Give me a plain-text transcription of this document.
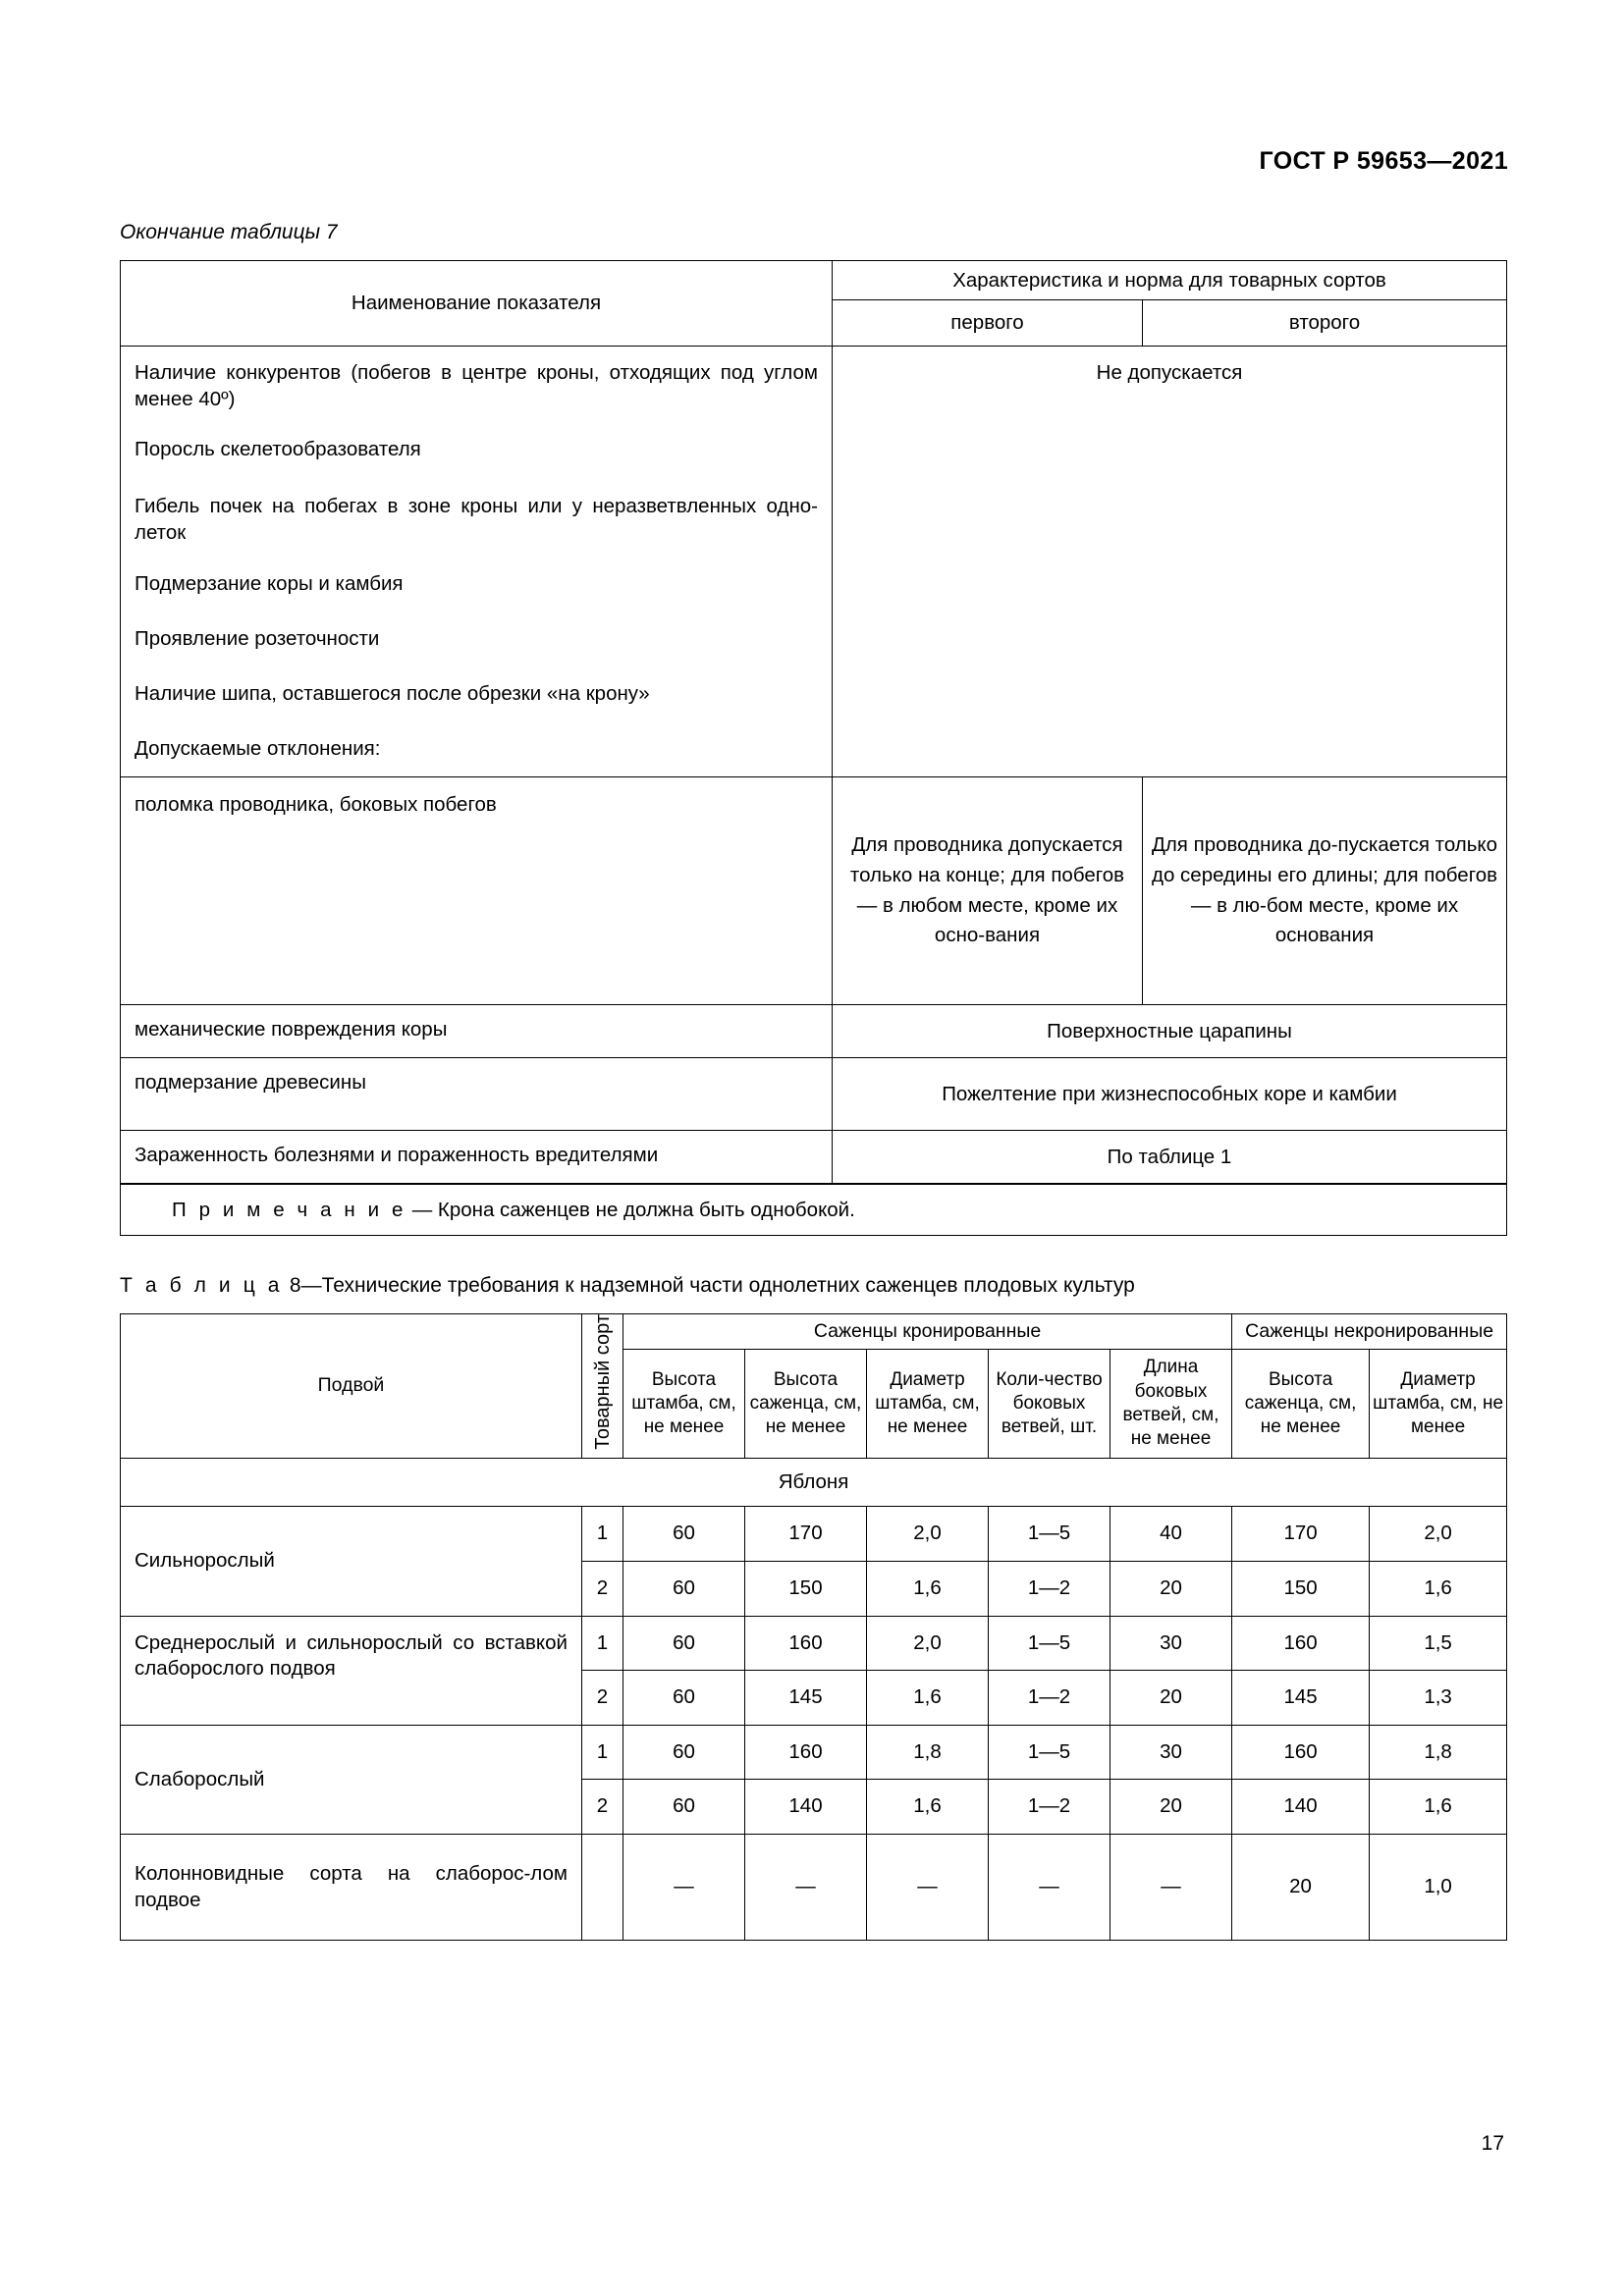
ГОСТ Р 59653—2021
Окончание таблицы 7
Наименование показателя	Характеристика и норма для товарных сортов	
	первого	второго
Наличие конкурентов (побегов в центре кроны, отходящих под углом менее 40º)	Не допускается	
Поросль скелетообразователя		
Гибель почек на побегах в зоне кроны или у неразветвленных одно-леток		
Подмерзание коры и камбия		
Проявление розеточности		
Наличие шипа, оставшегося после обрезки «на крону»		
Допускаемые отклонения:		
поломка проводника, боковых побегов	Для проводника допускается только на конце; для побегов — в любом месте, кроме их осно-вания	Для проводника до-пускается только до середины его длины; для побегов — в лю-бом месте, кроме их основания
механические повреждения коры	Поверхностные царапины	
подмерзание древесины	Пожелтение при жизнеспособных коре и камбии	
Зараженность болезнями и пораженность вредителями	По таблице 1	
П р и м е ч а н и е — Крона саженцев не должна быть однобокой.		
Т а б л и ц а 8—Технические требования к надземной части однолетних саженцев плодовых культур
Подвой	Товарный сорт	Саженцы кронированные					Саженцы некронированные	
		Высота штамба, см, не менее	Высота саженца, см, не менее	Диаметр штамба, см, не менее	Коли-чество боковых ветвей, шт.	Длина боковых ветвей, см, не менее	Высота саженца, см, не менее	Диаметр штамба, см, не менее
Яблоня								
Сильнорослый	1	60	170	2,0	1—5	40	170	2,0
	2	60	150	1,6	1—2	20	150	1,6
Среднерослый и сильнорослый со вставкой слаборослого подвоя	1	60	160	2,0	1—5	30	160	1,5
	2	60	145	1,6	1—2	20	145	1,3
Слаборослый	1	60	160	1,8	1—5	30	160	1,8
	2	60	140	1,6	1—2	20	140	1,6
Колонновидные сорта на слаборос-лом подвое		—	—	—	—	—	20	1,0
17
